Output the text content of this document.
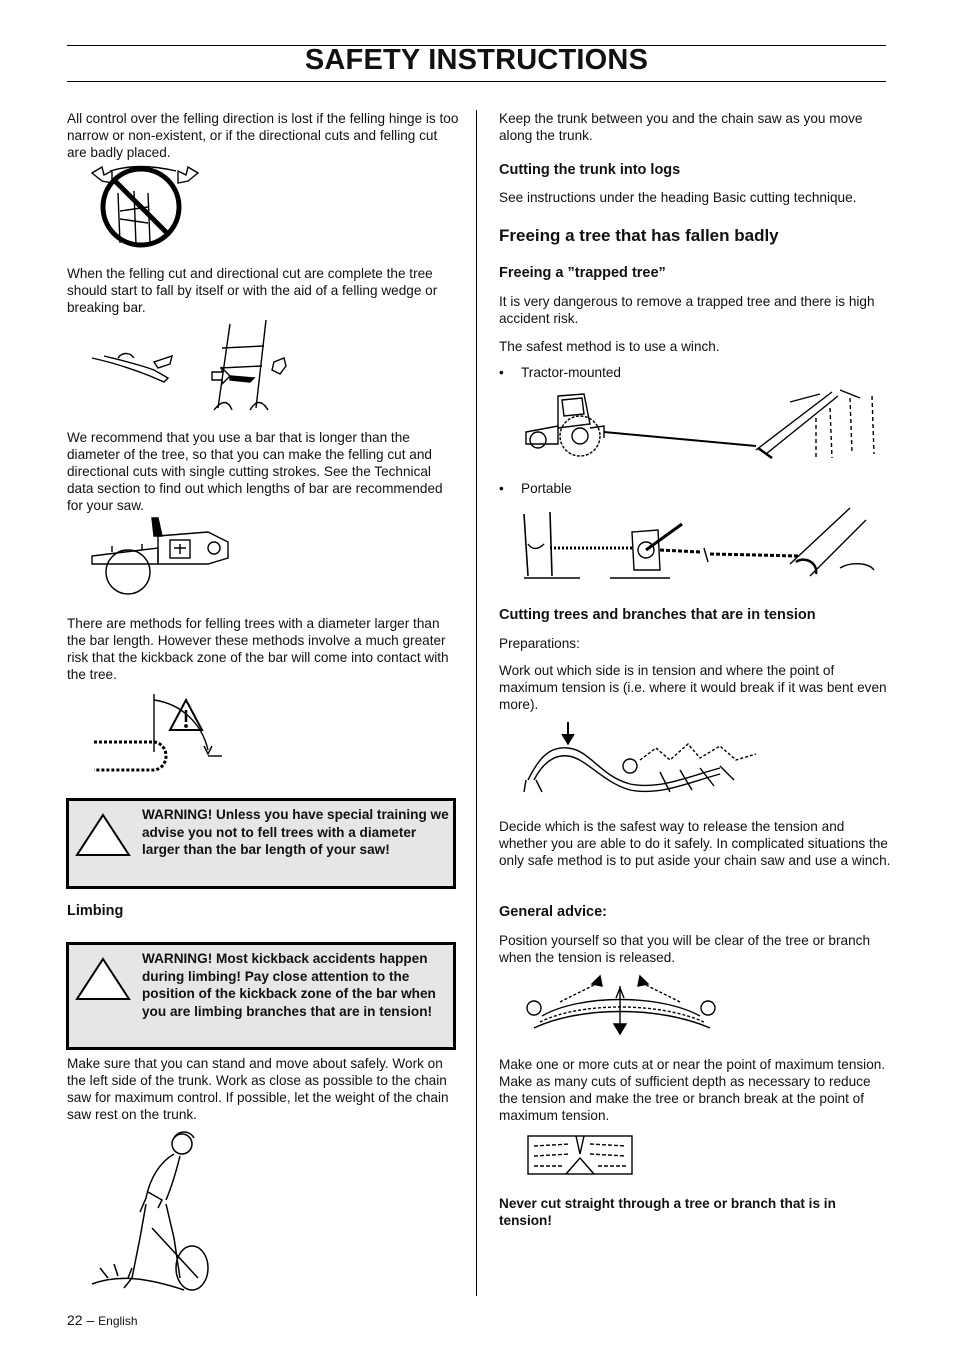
SAFETY INSTRUCTIONS

All control over the felling direction is lost if the felling hinge is too narrow or non-existent, or if the directional cuts and felling cut are badly placed.

When the felling cut and directional cut are complete the tree should start to fall by itself or with the aid of a felling wedge or breaking bar.

We recommend that you use a bar that is longer than the diameter of the tree, so that you can make the felling cut and directional cuts with single cutting strokes. See the Technical data section to find out which lengths of bar are recommended for your saw.

There are methods for felling trees with a diameter larger than the bar length. However these methods involve a much greater risk that the kickback zone of the bar will come into contact with the tree.

WARNING! Unless you have special training we advise you not to fell trees with a diameter larger than the bar length of your saw!
Limbing
WARNING! Most kickback accidents happen during limbing! Pay close attention to the position of the kickback zone of the bar when you are limbing branches that are in tension!

Make sure that you can stand and move about safely. Work on the left side of the trunk. Work as close as possible to the chain saw for maximum control. If possible, let the weight of the chain saw rest on the trunk.

Keep the trunk between you and the chain saw as you move along the trunk.

Cutting the trunk into logs

See instructions under the heading Basic cutting technique.

Freeing a tree that has fallen badly
Freeing a ”trapped tree”

It is very dangerous to remove a trapped tree and there is high accident risk.

The safest method is to use a winch.

• Tractor-mounted
• Portable
Cutting trees and branches that are in tension

Preparations:

Work out which side is in tension and where the point of maximum tension is (i.e. where it would break if it was bent even more).

Decide which is the safest way to release the tension and whether you are able to do it safely. In complicated situations the only safe method is to put aside your chain saw and use a winch.

General advice:

Position yourself so that you will be clear of the tree or branch when the tension is released.

Make one or more cuts at or near the point of maximum tension. Make as many cuts of sufficient depth as necessary to reduce the tension and make the tree or branch break at the point of maximum tension.

Never cut straight through a tree or branch that is in tension!

22 – English
